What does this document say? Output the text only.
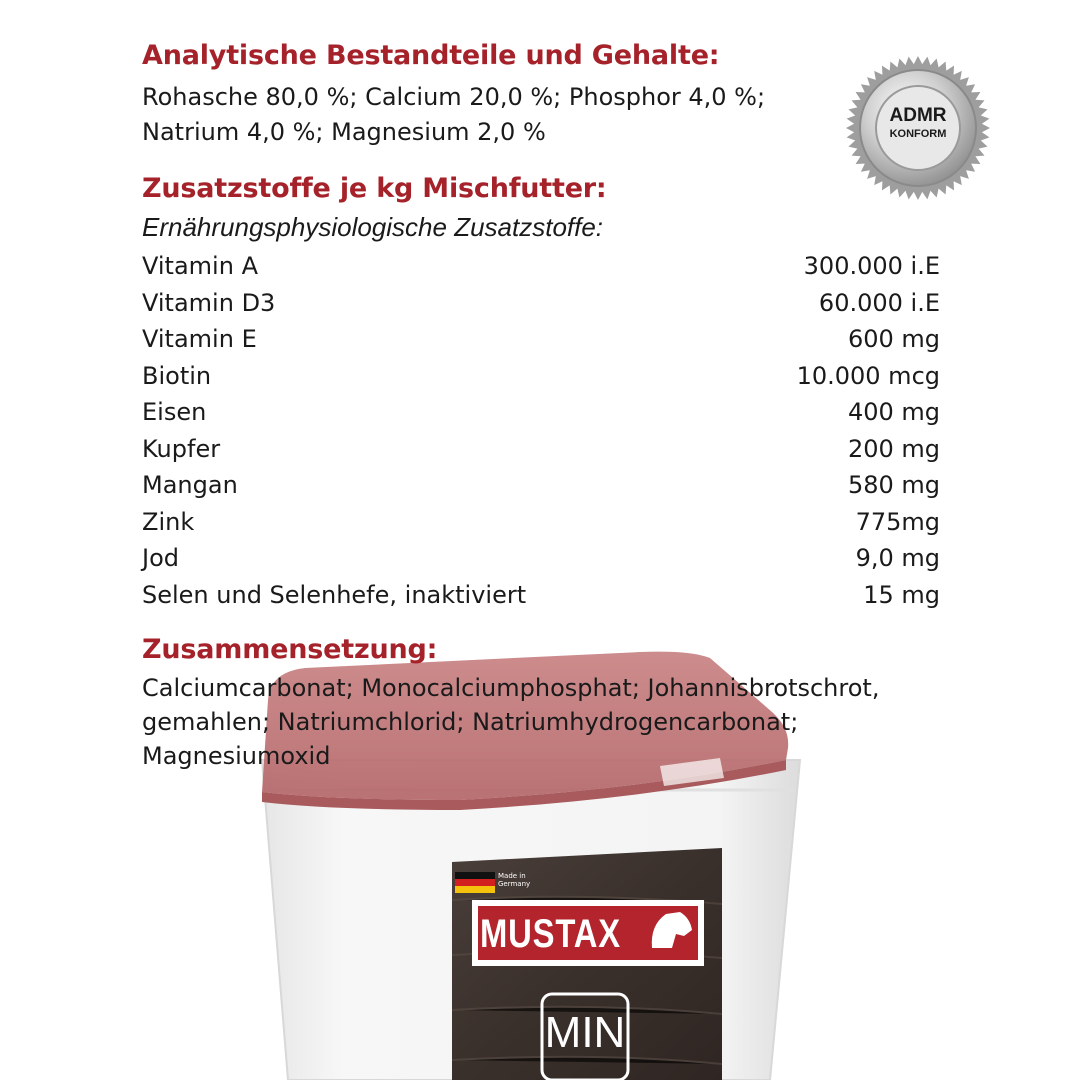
Made in
Germany
MUSTAX
MIN
ADMR
KONFORM
Analytische Bestandteile und Gehalte:

Rohasche 80,0 %; Calcium 20,0 %; Phosphor 4,0 %;

Natrium 4,0 %; Magnesium 2,0 %

Zusatzstoffe je kg Mischfutter:

Ernährungsphysiologische Zusatzstoffe:

Vitamin A	300.000 i.E
Vitamin D3	60.000 i.E
Vitamin E	600 mg
Biotin	10.000 mcg
Eisen	400 mg
Kupfer	200 mg
Mangan	580 mg
Zink	775mg
Jod	9,0 mg
Selen und Selenhefe, inaktiviert	15 mg
Zusammensetzung:

Calciumcarbonat; Monocalciumphosphat; Johannisbrotschrot,

gemahlen; Natriumchlorid; Natriumhydrogencarbonat;

Magnesiumoxid
